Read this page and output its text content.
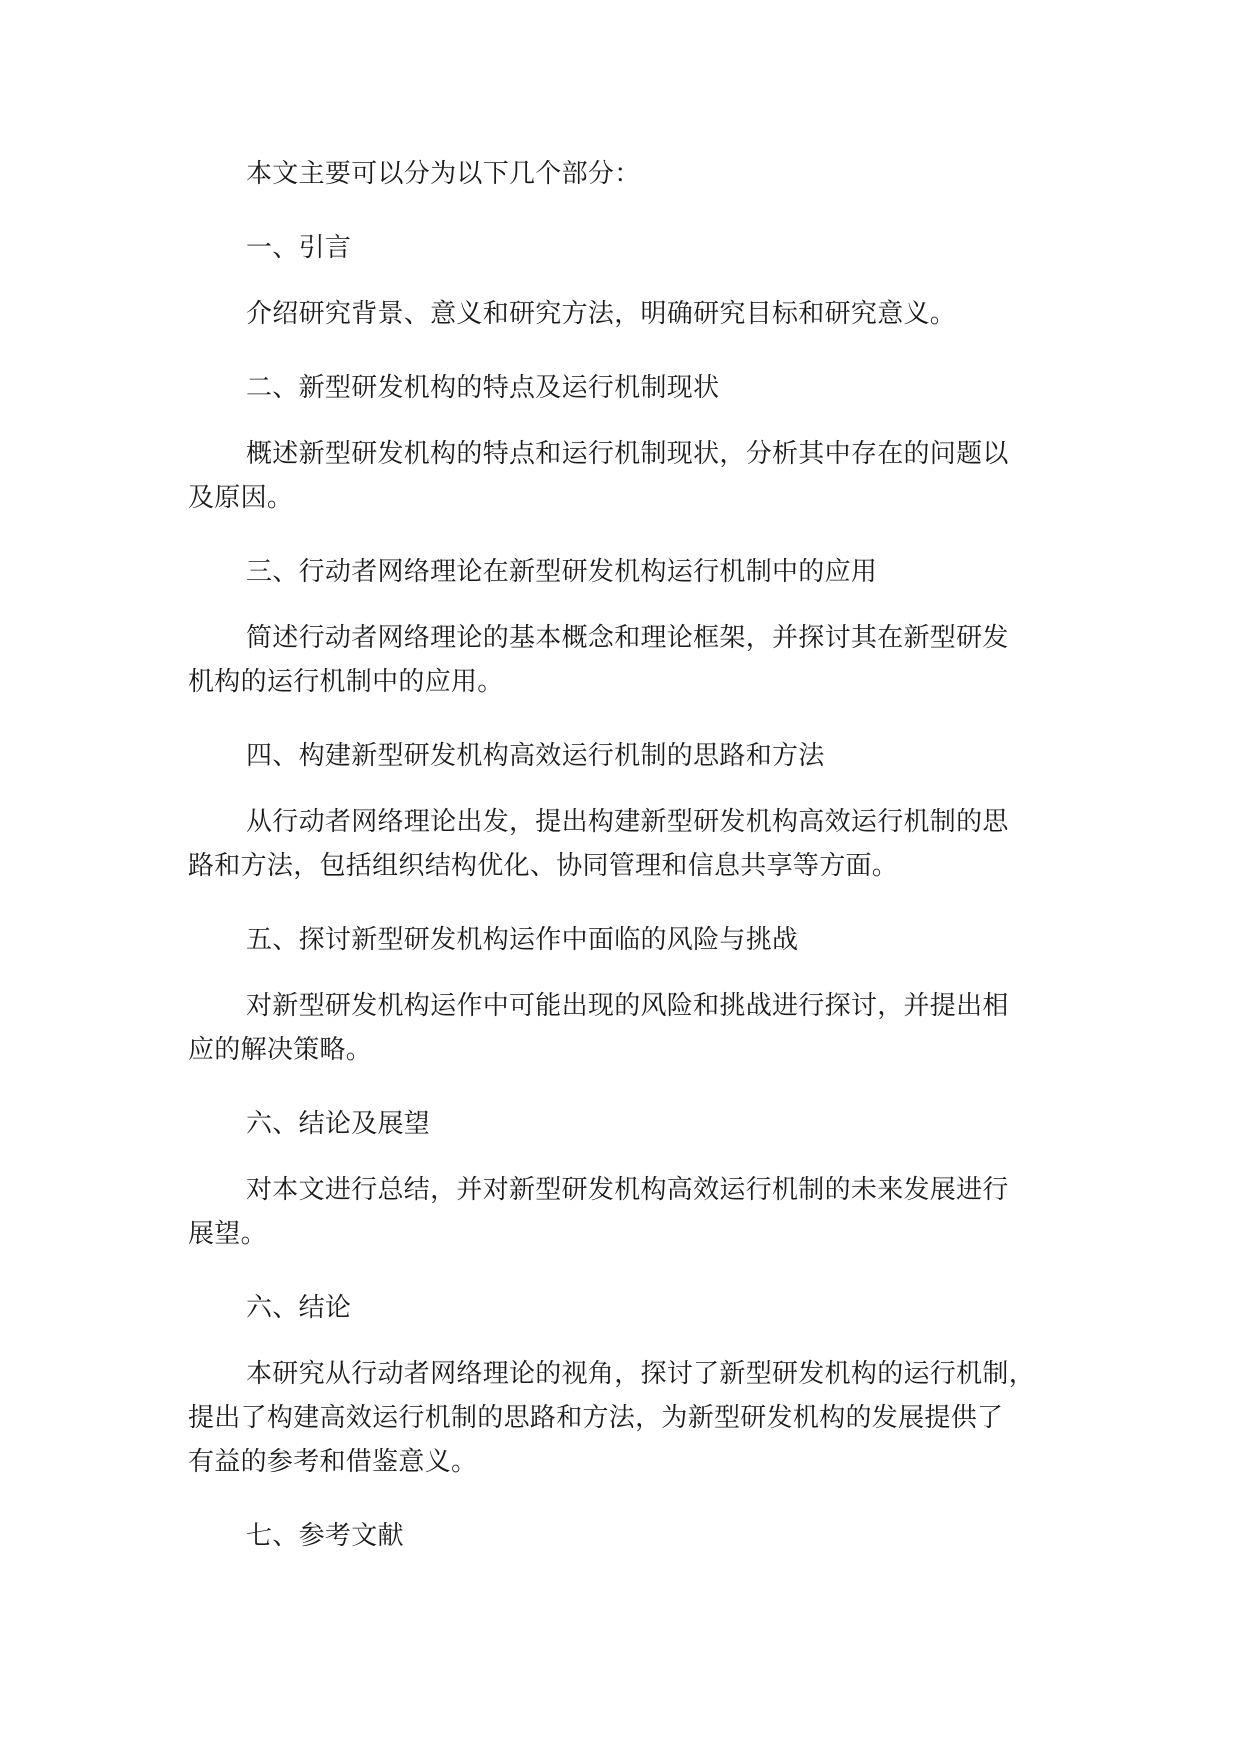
本文主要可以分为以下几个部分：

一、引言

介绍研究背景、意义和研究方法，明确研究目标和研究意义。

二、新型研发机构的特点及运行机制现状

概述新型研发机构的特点和运行机制现状，分析其中存在的问题以
及原因。

三、行动者网络理论在新型研发机构运行机制中的应用

简述行动者网络理论的基本概念和理论框架，并探讨其在新型研发
机构的运行机制中的应用。

四、构建新型研发机构高效运行机制的思路和方法

从行动者网络理论出发，提出构建新型研发机构高效运行机制的思
路和方法，包括组织结构优化、协同管理和信息共享等方面。

五、探讨新型研发机构运作中面临的风险与挑战

对新型研发机构运作中可能出现的风险和挑战进行探讨，并提出相
应的解决策略。

六、结论及展望

对本文进行总结，并对新型研发机构高效运行机制的未来发展进行
展望。

六、结论

本研究从行动者网络理论的视角，探讨了新型研发机构的运行机制，
提出了构建高效运行机制的思路和方法，为新型研发机构的发展提供了
有益的参考和借鉴意义。

七、参考文献
